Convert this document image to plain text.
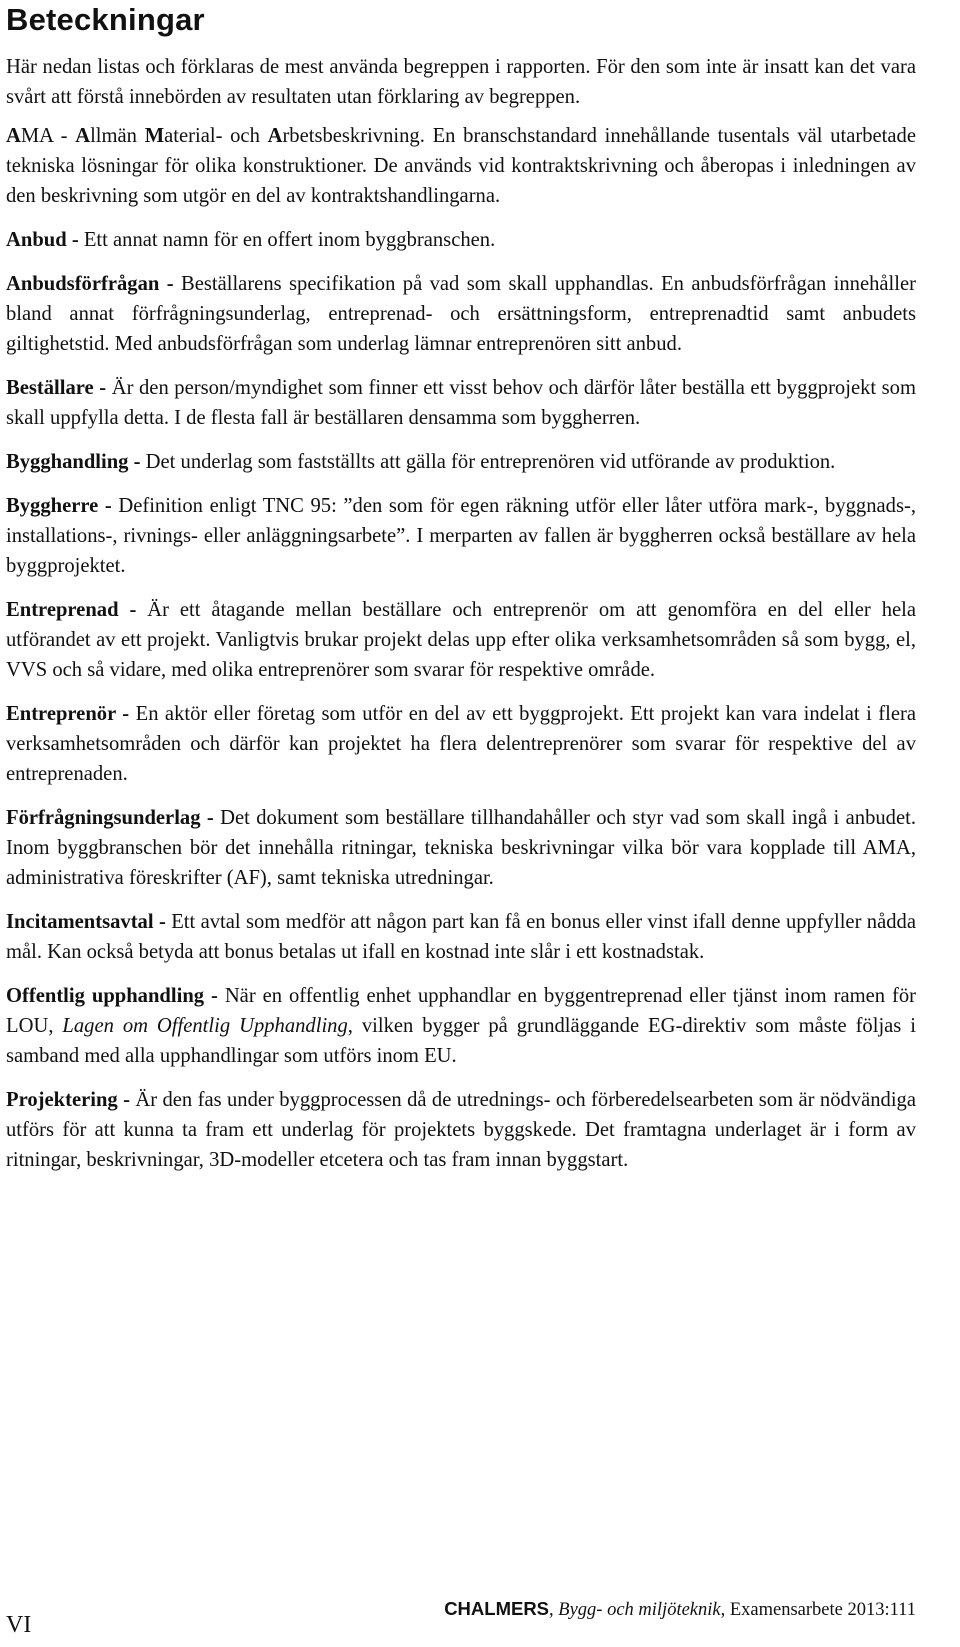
Beteckningar

Här nedan listas och förklaras de mest använda begreppen i rapporten. För den som inte är insatt kan det vara svårt att förstå innebörden av resultaten utan förklaring av begreppen.

AMA - Allmän Material- och Arbetsbeskrivning. En branschstandard innehållande tusentals väl utarbetade tekniska lösningar för olika konstruktioner. De används vid kontraktskrivning och åberopas i inledningen av den beskrivning som utgör en del av kontraktshandlingarna.

Anbud - Ett annat namn för en offert inom byggbranschen.

Anbudsförfrågan - Beställarens specifikation på vad som skall upphandlas. En anbudsförfrågan innehåller bland annat förfrågningsunderlag, entreprenad- och ersättningsform, entreprenadtid samt anbudets giltighetstid. Med anbudsförfrågan som underlag lämnar entreprenören sitt anbud.

Beställare - Är den person/myndighet som finner ett visst behov och därför låter beställa ett byggprojekt som skall uppfylla detta. I de flesta fall är beställaren densamma som byggherren.

Bygghandling - Det underlag som fastställts att gälla för entreprenören vid utförande av produktion.

Byggherre - Definition enligt TNC 95: ”den som för egen räkning utför eller låter utföra mark-, byggnads-, installations-, rivnings- eller anläggningsarbete”. I merparten av fallen är byggherren också beställare av hela byggprojektet.

Entreprenad - Är ett åtagande mellan beställare och entreprenör om att genomföra en del eller hela utförandet av ett projekt. Vanligtvis brukar projekt delas upp efter olika verksamhetsområden så som bygg, el, VVS och så vidare, med olika entreprenörer som svarar för respektive område.

Entreprenör - En aktör eller företag som utför en del av ett byggprojekt. Ett projekt kan vara indelat i flera verksamhetsområden och därför kan projektet ha flera delentreprenörer som svarar för respektive del av entreprenaden.

Förfrågningsunderlag - Det dokument som beställare tillhandahåller och styr vad som skall ingå i anbudet. Inom byggbranschen bör det innehålla ritningar, tekniska beskrivningar vilka bör vara kopplade till AMA, administrativa föreskrifter (AF), samt tekniska utredningar.

Incitamentsavtal - Ett avtal som medför att någon part kan få en bonus eller vinst ifall denne uppfyller nådda mål. Kan också betyda att bonus betalas ut ifall en kostnad inte slår i ett kostnadstak.

Offentlig upphandling - När en offentlig enhet upphandlar en byggentreprenad eller tjänst inom ramen för LOU, Lagen om Offentlig Upphandling, vilken bygger på grundläggande EG-direktiv som måste följas i samband med alla upphandlingar som utförs inom EU.

Projektering - Är den fas under byggprocessen då de utrednings- och förberedelsearbeten som är nödvändiga utförs för att kunna ta fram ett underlag för projektets byggskede. Det framtagna underlaget är i form av ritningar, beskrivningar, 3D-modeller etcetera och tas fram innan byggstart.

VI
CHALMERS, Bygg- och miljöteknik, Examensarbete 2013:111
